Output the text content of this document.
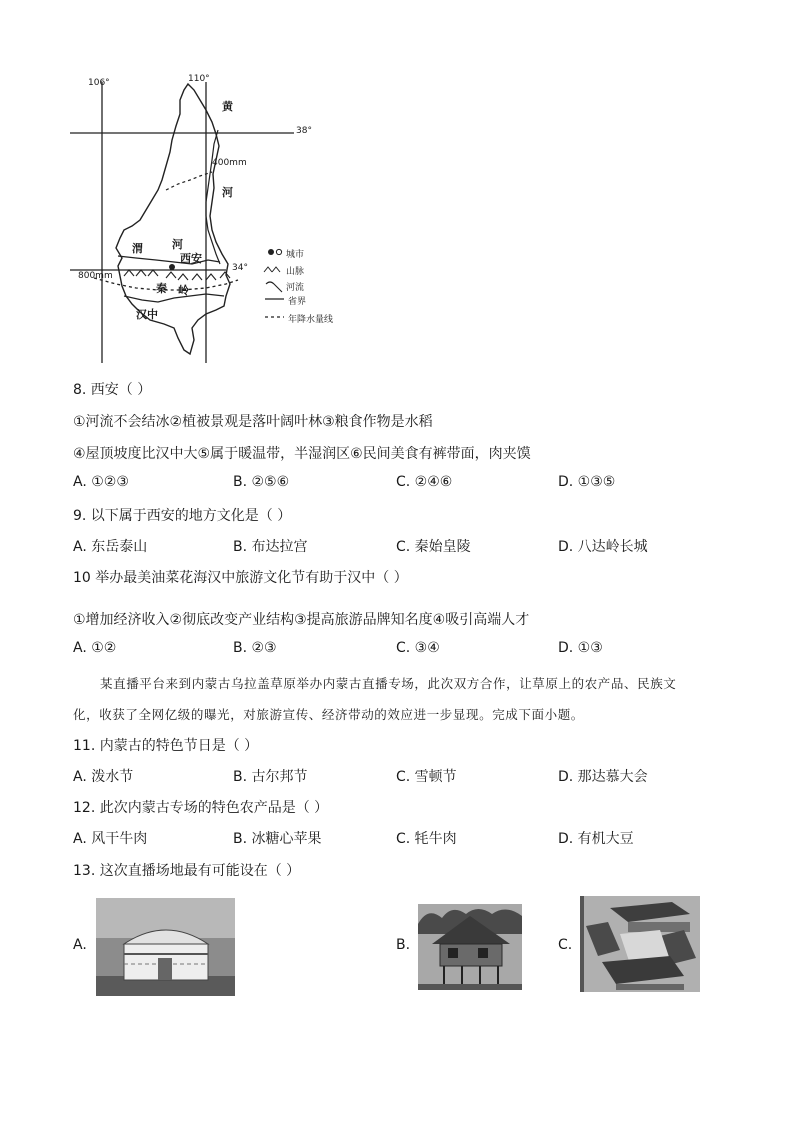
106°	110°
38°
34°
400mm
800mm
黄
河
渭	河
西安
秦 岭
汉中
城市
山脉
河流
省界
年降水量线
8. 西安（ ）
①河流不会结冰②植被景观是落叶阔叶林③粮食作物是水稻
④屋顶坡度比汉中大⑤属于暖温带，半湿润区⑥民间美食有裤带面，肉夹馍
A. ①②③	B. ②⑤⑥	C. ②④⑥	D. ①③⑤
9. 以下属于西安的地方文化是（ ）
A. 东岳泰山	B. 布达拉宫	C. 秦始皇陵	D. 八达岭长城
10 举办最美油菜花海汉中旅游文化节有助于汉中（ ）
①增加经济收入②彻底改变产业结构③提高旅游品牌知名度④吸引高端人才
A. ①②	B. ②③	C. ③④	D. ①③
某直播平台来到内蒙古乌拉盖草原举办内蒙古直播专场，此次双方合作，让草原上的农产品、民族文
化，收获了全网亿级的曝光，对旅游宣传、经济带动的效应进一步显现。完成下面小题。
11. 内蒙古的特色节日是（ ）
A. 泼水节	B. 古尔邦节	C. 雪顿节	D. 那达慕大会
12. 此次内蒙古专场的特色农产品是（ ）
A. 风干牛肉	B. 冰糖心苹果	C. 牦牛肉	D. 有机大豆
13. 这次直播场地最有可能设在（ ）
A.	B.	C.
